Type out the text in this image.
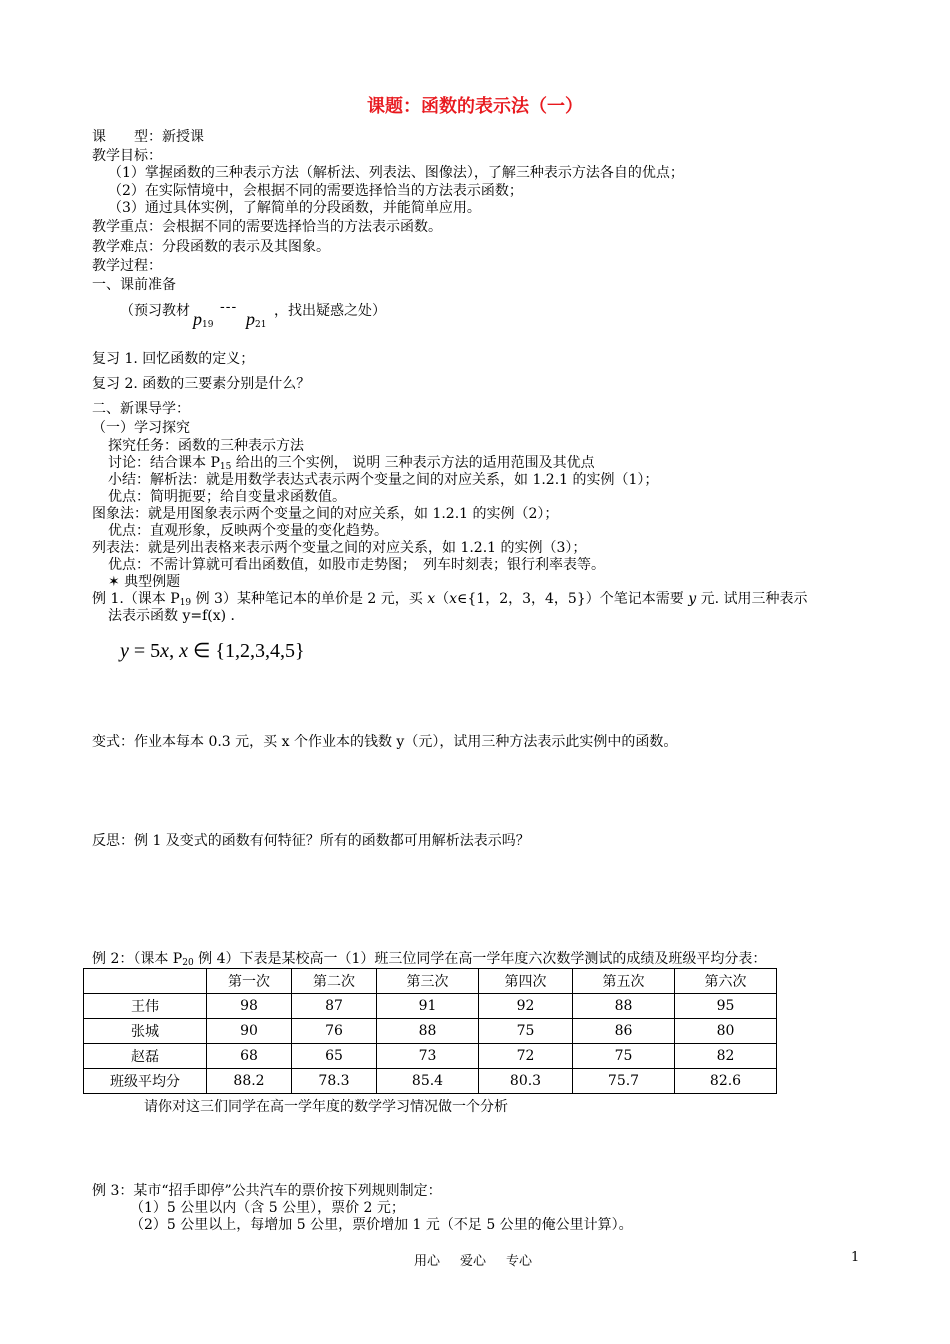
课题：函数的表示法（一）
课　　型：新授课
教学目标：
（1）掌握函数的三种表示方法（解析法、列表法、图像法），了解三种表示方法各自的优点；
（2）在实际情境中，会根据不同的需要选择恰当的方法表示函数；
（3）通过具体实例，了解简单的分段函数，并能简单应用。
教学重点：会根据不同的需要选择恰当的方法表示函数。
教学难点：分段函数的表示及其图象。
教学过程：
一、课前准备
（预习教材 $p_{19}$
---
$p_{21}$
，找出疑惑之处）
复习 1. 回忆函数的定义；
复习 2. 函数的三要素分别是什么？
二、新课导学：
（一）学习探究
探究任务：函数的三种表示方法
讨论：结合课本 $P_{15}$ 给出的三个实例， 说明 三种表示方法的适用范围及其优点
小结：解析法：就是用数学表达式表示两个变量之间的对应关系，如 1.2.1 的实例（1）；
优点：简明扼要；给自变量求函数值。
图象法：就是用图象表示两个变量之间的对应关系，如 1.2.1 的实例（2）；
优点：直观形象，反映两个变量的变化趋势。
列表法：就是列出表格来表示两个变量之间的对应关系，如 1.2.1 的实例（3）；
优点：不需计算就可看出函数值，如股市走势图；　列车时刻表；银行利率表等。
✶ 典型例题
例 1.（课本 $P_{19}$ 例 3）某种笔记本的单价是 2 元，买 x（x∈{1，2，3，4，5}）个笔记本需要 y 元. 试用三种表示
法表示函数 y=f(x) ．
y = 5x, x ∈ {1,2,3,4,5}
变式：作业本每本 0.3 元，买 x 个作业本的钱数 y（元），试用三种方法表示此实例中的函数。
反思：例 1 及变式的函数有何特征？所有的函数都可用解析法表示吗？
例 2：（课本 $P_{20}$ 例 4）下表是某校高一（1）班三位同学在高一学年度六次数学测试的成绩及班级平均分表：
	第一次	第二次	第三次	第四次	第五次	第六次
王伟	98	87	91	92	88	95
张城	90	76	88	75	86	80
赵磊	68	65	73	72	75	82
班级平均分	88.2	78.3	85.4	80.3	75.7	82.6
请你对这三们同学在高一学年度的数学学习情况做一个分析
例 3：某市“招手即停”公共汽车的票价按下列规则制定：
（1）5 公里以内（含 5 公里），票价 2 元；
（2）5 公里以上，每增加 5 公里，票价增加 1 元（不足 5 公里的俺公里计算）。
用心 爱心 专心	1
